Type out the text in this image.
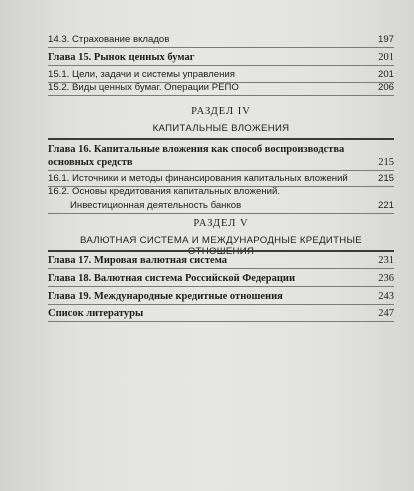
14.3. Страхование вкладов	197
Глава 15. Рынок ценных бумаг	201
15.1. Цели, задачи и системы управления	201
15.2. Виды ценных бумаг. Операции РЕПО	206
РАЗДЕЛ IV
КАПИТАЛЬНЫЕ ВЛОЖЕНИЯ
Глава 16. Капитальные вложения как способ воспроизводства основных средств	215
16.1. Источники и методы финансирования капитальных вложений	215
16.2. Основы кредитования капитальных вложений.
Инвестиционная деятельность банков	221
РАЗДЕЛ V
ВАЛЮТНАЯ СИСТЕМА И МЕЖДУНАРОДНЫЕ КРЕДИТНЫЕ
Глава 17. Мировая валютная система	231
Глава 18. Валютная система Российской Федерации	236
Глава 19. Международные кредитные отношения	243
Список литературы	247
